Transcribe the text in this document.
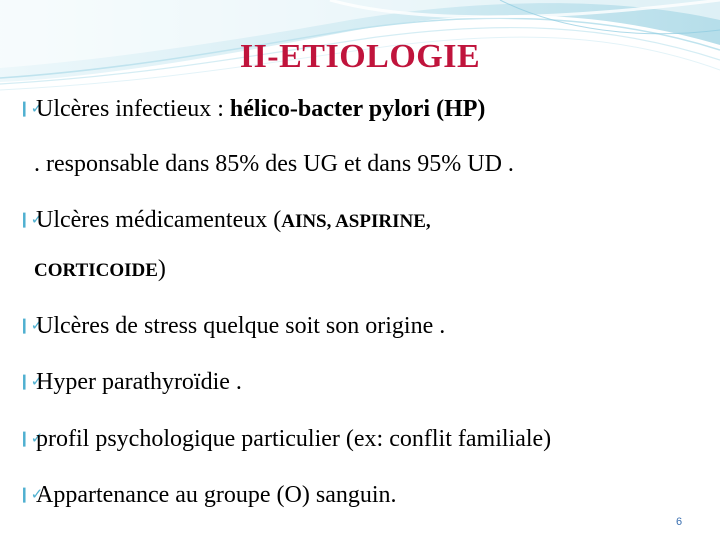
II-ETIOLOGIE
❙✓Ulcères infectieux : hélico-bacter pylori (HP)
. responsable dans 85% des UG et dans 95% UD .
❙✓Ulcères médicamenteux (AINS, ASPIRINE,
CORTICOIDE)
❙✓Ulcères de stress quelque soit son origine .
❙✓Hyper parathyroïdie .
❙✓profil psychologique particulier (ex: conflit familiale)
❙✓Appartenance au groupe (O) sanguin.
6
